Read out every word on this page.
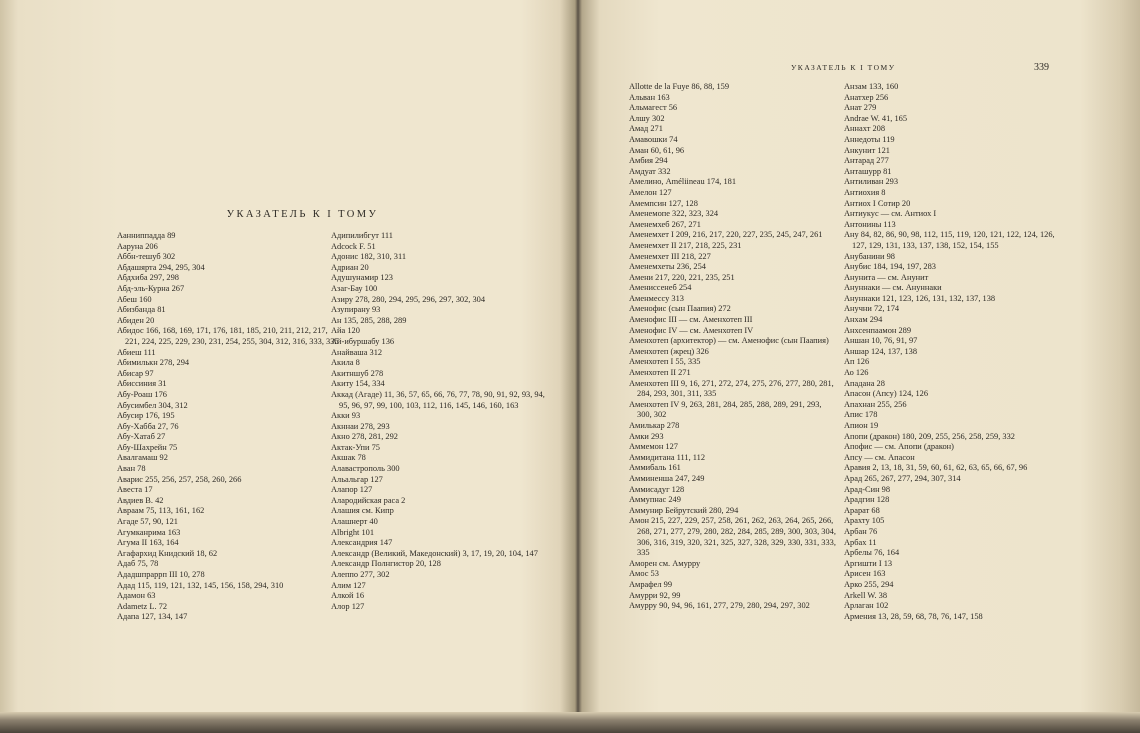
УКАЗАТЕЛЬ К I ТОМУ
Аанниппадда 89
Ааруна 206
Аббн-тешуб 302
Абдашярта 294, 295, 304
Абдхиба 297, 298
Абд-эль-Курна 267
Абеш 160
Абизбанда 81
Абиден 20
Абидос 166, 168, 169, 171, 176, 181, 185, 210, 211, 212, 217, 221, 224, 225, 229, 230, 231, 254, 255, 304, 312, 316, 333, 335
Абиеш 111
Абимилькн 278, 294
Абисар 97
Абиссиния 31
Абу-Роаш 176
Абусимбел 304, 312
Абусир 176, 195
Абу-Хабба 27, 76
Абу-Хатаб 27
Абу-Шахрейн 75
Авалгамаш 92
Аван 78
Аварис 255, 256, 257, 258, 260, 266
Авеста 17
Авдиев В. 42
Авраам 75, 113, 161, 162
Агаде 57, 90, 121
Агумканрима 163
Агума II 163, 164
Агафархид Книдский 18, 62
Адаб 75, 78
Ададшпраррп III 10, 278
Адад 115, 119, 121, 132, 145, 156, 158, 294, 310
Адамон 63
Adametz L. 72
Адапа 127, 134, 147
Адипилибгут 111
Adcock F. 51
Адонис 182, 310, 311
Адриан 20
Адушунамир 123
Азаг-Бау 100
Азиру 278, 280, 294, 295, 296, 297, 302, 304
Азупирану 93
Ан 135, 285, 288, 289
Айа 120
Ай-ибуршабу 136
Анайвашa 312
Акила 8
Акитншуб 278
Акиту 154, 334
Аккад (Агаде) 11, 36, 57, 65, 66, 76, 77, 78, 90, 91, 92, 93, 94, 95, 96, 97, 99, 100, 103, 112, 116, 145, 146, 160, 163
Акки 93
Акннаи 278, 293
Акно 278, 281, 292
Актак-Упи 75
Акшак 78
Алавастрополь 300
Альальгар 127
Алапор 127
Алародийская раса 2
Алашия см. Кипр
Алашнерт 40
Albright 101
Александрия 147
Александр (Великий, Македонский) 3, 17, 19, 20, 104, 147
Александр Полнгистор 20, 128
Алеппо 277, 302
Алим 127
Алкой 16
Алор 127
УКАЗАТЕЛЬ К I ТОМУ	339
Allotte de la Fuye 86, 88, 159
Альван 163
Альмагест 56
Алшу 302
Амад 271
Амавошки 74
Аман 60, 61, 96
Амбия 294
Амдуат 332
Амелино, Améliineau 174, 181
Амелон 127
Амемпсин 127, 128
Аменемопе 322, 323, 324
Аменемхеб 267, 271
Аменемхет I 209, 216, 217, 220, 227, 235, 245, 247, 261
Аменемхет II 217, 218, 225, 231
Аменемхет III 218, 227
Аменемхеты 236, 254
Амени 217, 220, 221, 235, 251
Амениссенеб 254
Аменмессу 313
Аменофис (сын Паапия) 272
Аменофис III — см. Аменхотеп III
Аменофис IV — см. Аменхотеп IV
Аменхотеп (архитектор) — см. Аменофис (сын Паапия)
Аменхотеп (жрец) 326
Аменхотеп I 55, 335
Аменхотеп II 271
Аменхотеп III 9, 16, 271, 272, 274, 275, 276, 277, 280, 281, 284, 293, 301, 311, 335
Аменхотеп IV 9, 263, 281, 284, 285, 288, 289, 291, 293, 300, 302
Амилькар 278
Амки 293
Аммемон 127
Аммидитана 111, 112
Аммибаль 161
Амминенша 247, 249
Аммисадуг 128
Аммупнас 249
Аммунир Бейрутский 280, 294
Амон 215, 227, 229, 257, 258, 261, 262, 263, 264, 265, 266, 268, 271, 277, 279, 280, 282, 284, 285, 289, 300, 303, 304, 306, 316, 319, 320, 321, 325, 327, 328, 329, 330, 331, 333, 335
Аморен см. Амурру
Амос 53
Амрафел 99
Амурри 92, 99
Амурру 90, 94, 96, 161, 277, 279, 280, 294, 297, 302
Анзам 133, 160
Анатхер 256
Анат 279
Andrae W. 41, 165
Аннахт 208
Аннедоты 119
Анкунит 121
Антарад 277
Анташурр 81
Антиливан 293
Антиохия 8
Антиох I Сотир 20
Антиукус — см. Антиох I
Антонины 113
Ану 84, 82, 86, 90, 98, 112, 115, 119, 120, 121, 122, 124, 126, 127, 129, 131, 133, 137, 138, 152, 154, 155
Анубанини 98
Анубис 184, 194, 197, 283
Анунита — см. Анунит
Ануннаки — см. Ануннаки
Ануннаки 121, 123, 126, 131, 132, 137, 138
Анучни 72, 174
Анхам 294
Анхсенпаамон 289
Аншан 10, 76, 91, 97
Аншар 124, 137, 138
Ап 126
Ао 126
Ападана 28
Апасон (Апсу) 124, 126
Апахнан 255, 256
Апис 178
Апион 19
Апопи (дракон) 180, 209, 255, 256, 258, 259, 332
Апофис — см. Апопи (дракон)
Апсу — см. Апасон
Аравия 2, 13, 18, 31, 59, 60, 61, 62, 63, 65, 66, 67, 96
Арад 265, 267, 277, 294, 307, 314
Арад-Син 98
Арадгин 128
Арарат 68
Арахту 105
Арбан 76
Арбах 11
Арбелы 76, 164
Аргишти I 13
Арисен 163
Арко 255, 294
Arkell W. 38
Арлаган 102
Армения 13, 28, 59, 68, 78, 76, 147, 158
